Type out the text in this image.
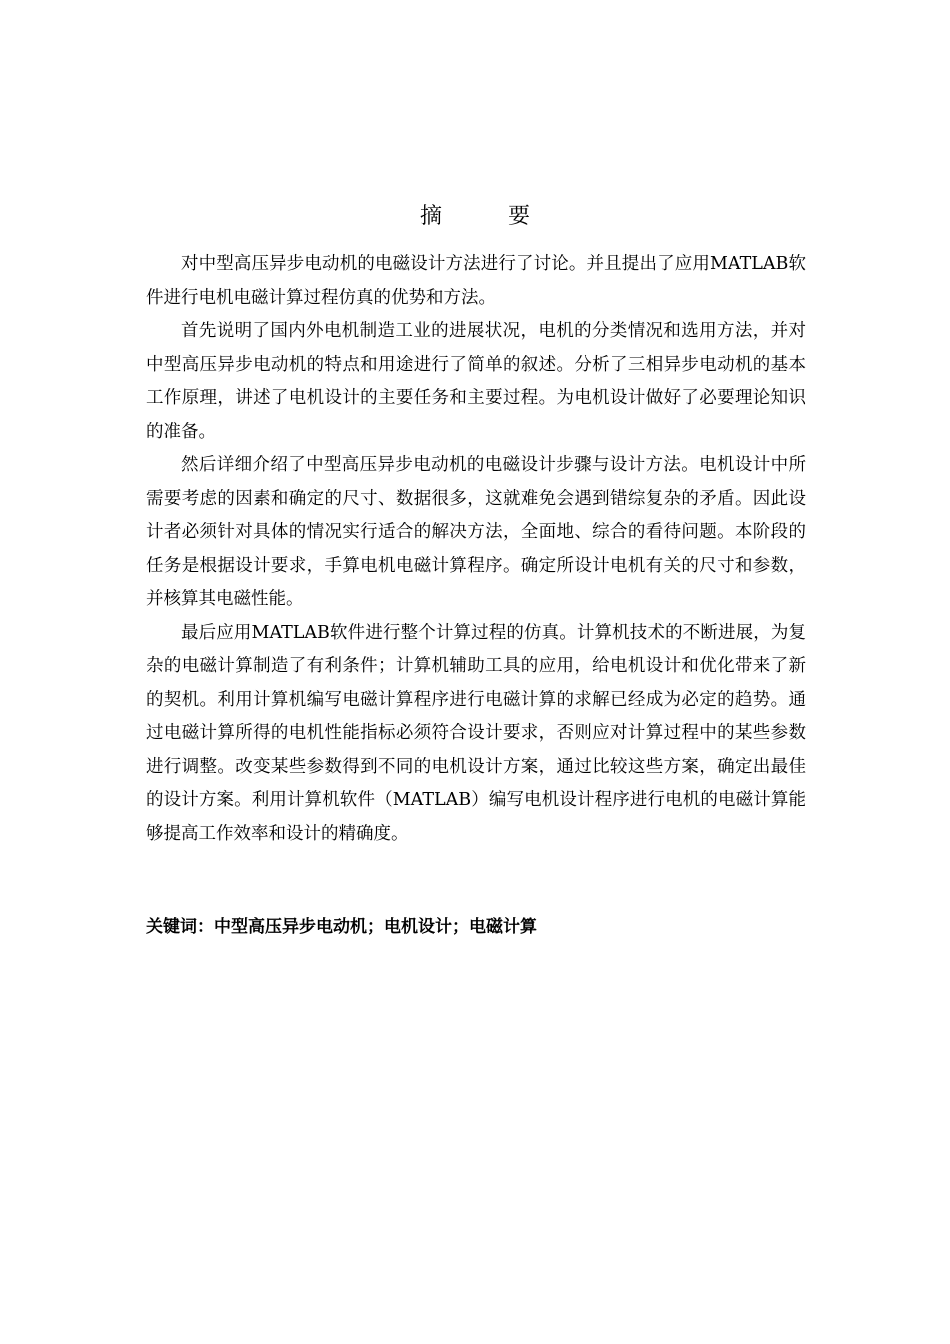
摘　要

对中型高压异步电动机的电磁设计方法进行了讨论。并且提出了应用MATLAB软件进行电机电磁计算过程仿真的优势和方法。

首先说明了国内外电机制造工业的进展状况，电机的分类情况和选用方法，并对中型高压异步电动机的特点和用途进行了简单的叙述。分析了三相异步电动机的基本工作原理，讲述了电机设计的主要任务和主要过程。为电机设计做好了必要理论知识的准备。

然后详细介绍了中型高压异步电动机的电磁设计步骤与设计方法。电机设计中所需要考虑的因素和确定的尺寸、数据很多，这就难免会遇到错综复杂的矛盾。因此设计者必须针对具体的情况实行适合的解决方法，全面地、综合的看待问题。本阶段的任务是根据设计要求，手算电机电磁计算程序。确定所设计电机有关的尺寸和参数，并核算其电磁性能。

最后应用MATLAB软件进行整个计算过程的仿真。计算机技术的不断进展，为复杂的电磁计算制造了有利条件；计算机辅助工具的应用，给电机设计和优化带来了新的契机。利用计算机编写电磁计算程序进行电磁计算的求解已经成为必定的趋势。通过电磁计算所得的电机性能指标必须符合设计要求，否则应对计算过程中的某些参数进行调整。改变某些参数得到不同的电机设计方案，通过比较这些方案，确定出最佳的设计方案。利用计算机软件（MATLAB）编写电机设计程序进行电机的电磁计算能够提高工作效率和设计的精确度。

关键词：中型高压异步电动机；电机设计；电磁计算
